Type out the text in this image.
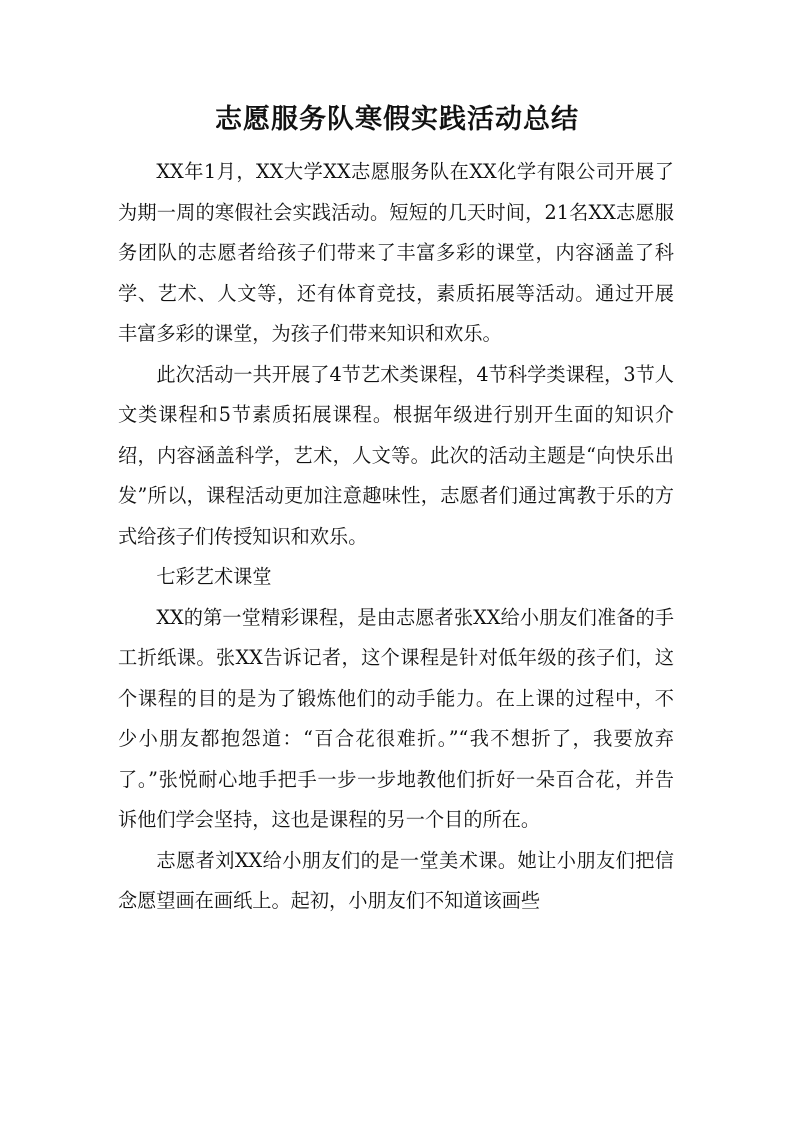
志愿服务队寒假实践活动总结

XX年1月，XX大学XX志愿服务队在XX化学有限公司开展了为期一周的寒假社会实践活动。短短的几天时间，21名XX志愿服务团队的志愿者给孩子们带来了丰富多彩的课堂，内容涵盖了科学、艺术、人文等，还有体育竞技，素质拓展等活动。通过开展丰富多彩的课堂，为孩子们带来知识和欢乐。

此次活动一共开展了4节艺术类课程，4节科学类课程，3节人文类课程和5节素质拓展课程。根据年级进行别开生面的知识介绍，内容涵盖科学，艺术，人文等。此次的活动主题是“向快乐出发”所以，课程活动更加注意趣味性，志愿者们通过寓教于乐的方式给孩子们传授知识和欢乐。

七彩艺术课堂

XX的第一堂精彩课程，是由志愿者张XX给小朋友们准备的手工折纸课。张XX告诉记者，这个课程是针对低年级的孩子们，这个课程的目的是为了锻炼他们的动手能力。在上课的过程中，不少小朋友都抱怨道：“百合花很难折。”“我不想折了，我要放弃了。”张悦耐心地手把手一步一步地教他们折好一朵百合花，并告诉他们学会坚持，这也是课程的另一个目的所在。

志愿者刘XX给小朋友们的是一堂美术课。她让小朋友们把信念愿望画在画纸上。起初，小朋友们不知道该画些
